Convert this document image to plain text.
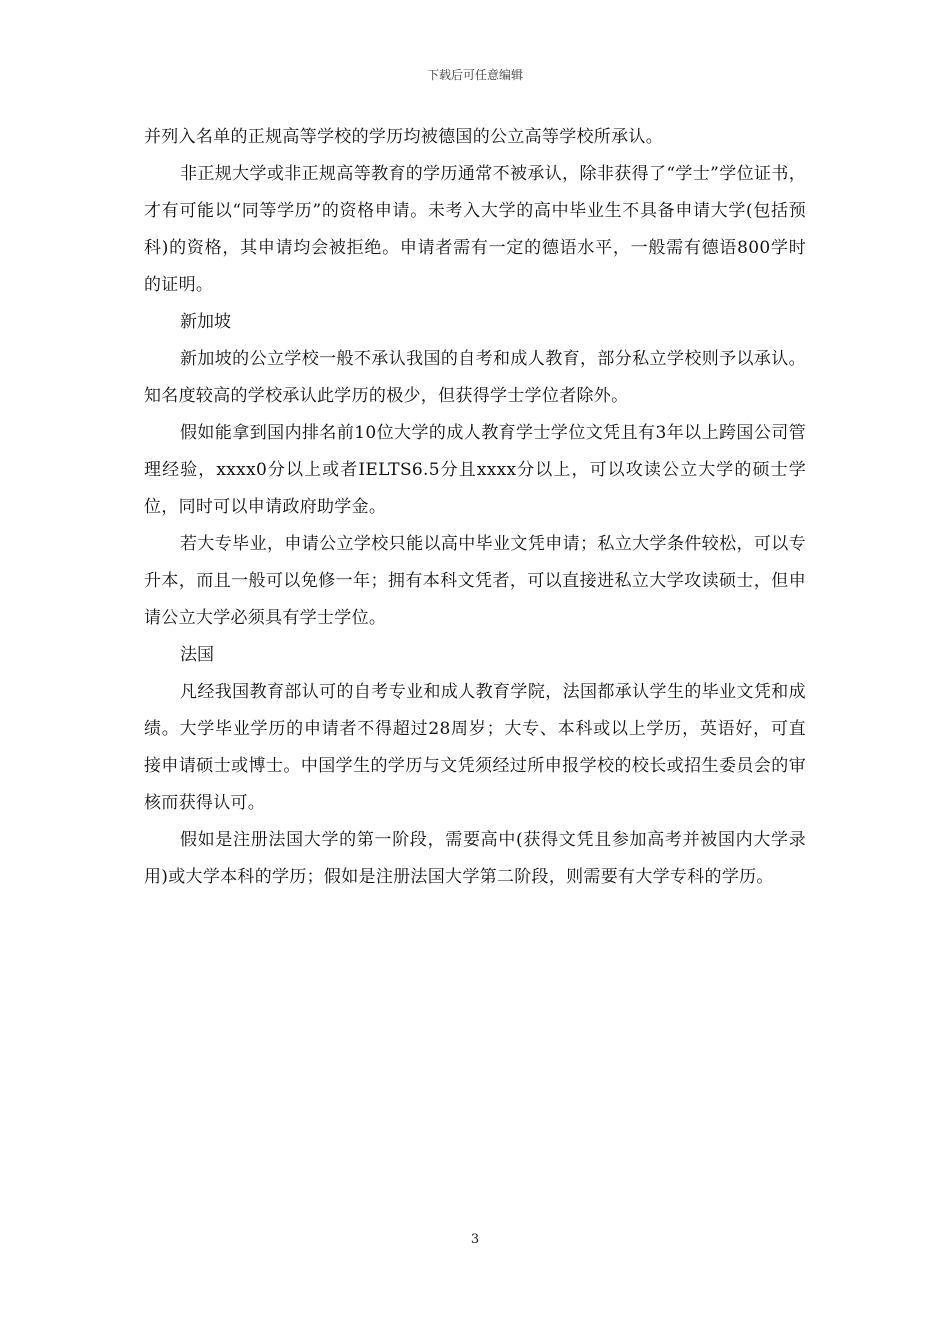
下载后可任意编辑

并列入名单的正规高等学校的学历均被德国的公立高等学校所承认。

非正规大学或非正规高等教育的学历通常不被承认，除非获得了“学士”学位证书，才有可能以“同等学历”的资格申请。未考入大学的高中毕业生不具备申请大学(包括预科)的资格，其申请均会被拒绝。申请者需有一定的德语水平，一般需有德语800学时的证明。

新加坡

新加坡的公立学校一般不承认我国的自考和成人教育，部分私立学校则予以承认。知名度较高的学校承认此学历的极少，但获得学士学位者除外。

假如能拿到国内排名前10位大学的成人教育学士学位文凭且有3年以上跨国公司管理经验，xxxx0分以上或者IELTS6.5分且xxxx分以上，可以攻读公立大学的硕士学位，同时可以申请政府助学金。

若大专毕业，申请公立学校只能以高中毕业文凭申请；私立大学条件较松，可以专升本，而且一般可以免修一年；拥有本科文凭者，可以直接进私立大学攻读硕士，但申请公立大学必须具有学士学位。

法国

凡经我国教育部认可的自考专业和成人教育学院，法国都承认学生的毕业文凭和成绩。大学毕业学历的申请者不得超过28周岁；大专、本科或以上学历，英语好，可直接申请硕士或博士。中国学生的学历与文凭须经过所申报学校的校长或招生委员会的审核而获得认可。

假如是注册法国大学的第一阶段，需要高中(获得文凭且参加高考并被国内大学录用)或大学本科的学历；假如是注册法国大学第二阶段，则需要有大学专科的学历。

3
